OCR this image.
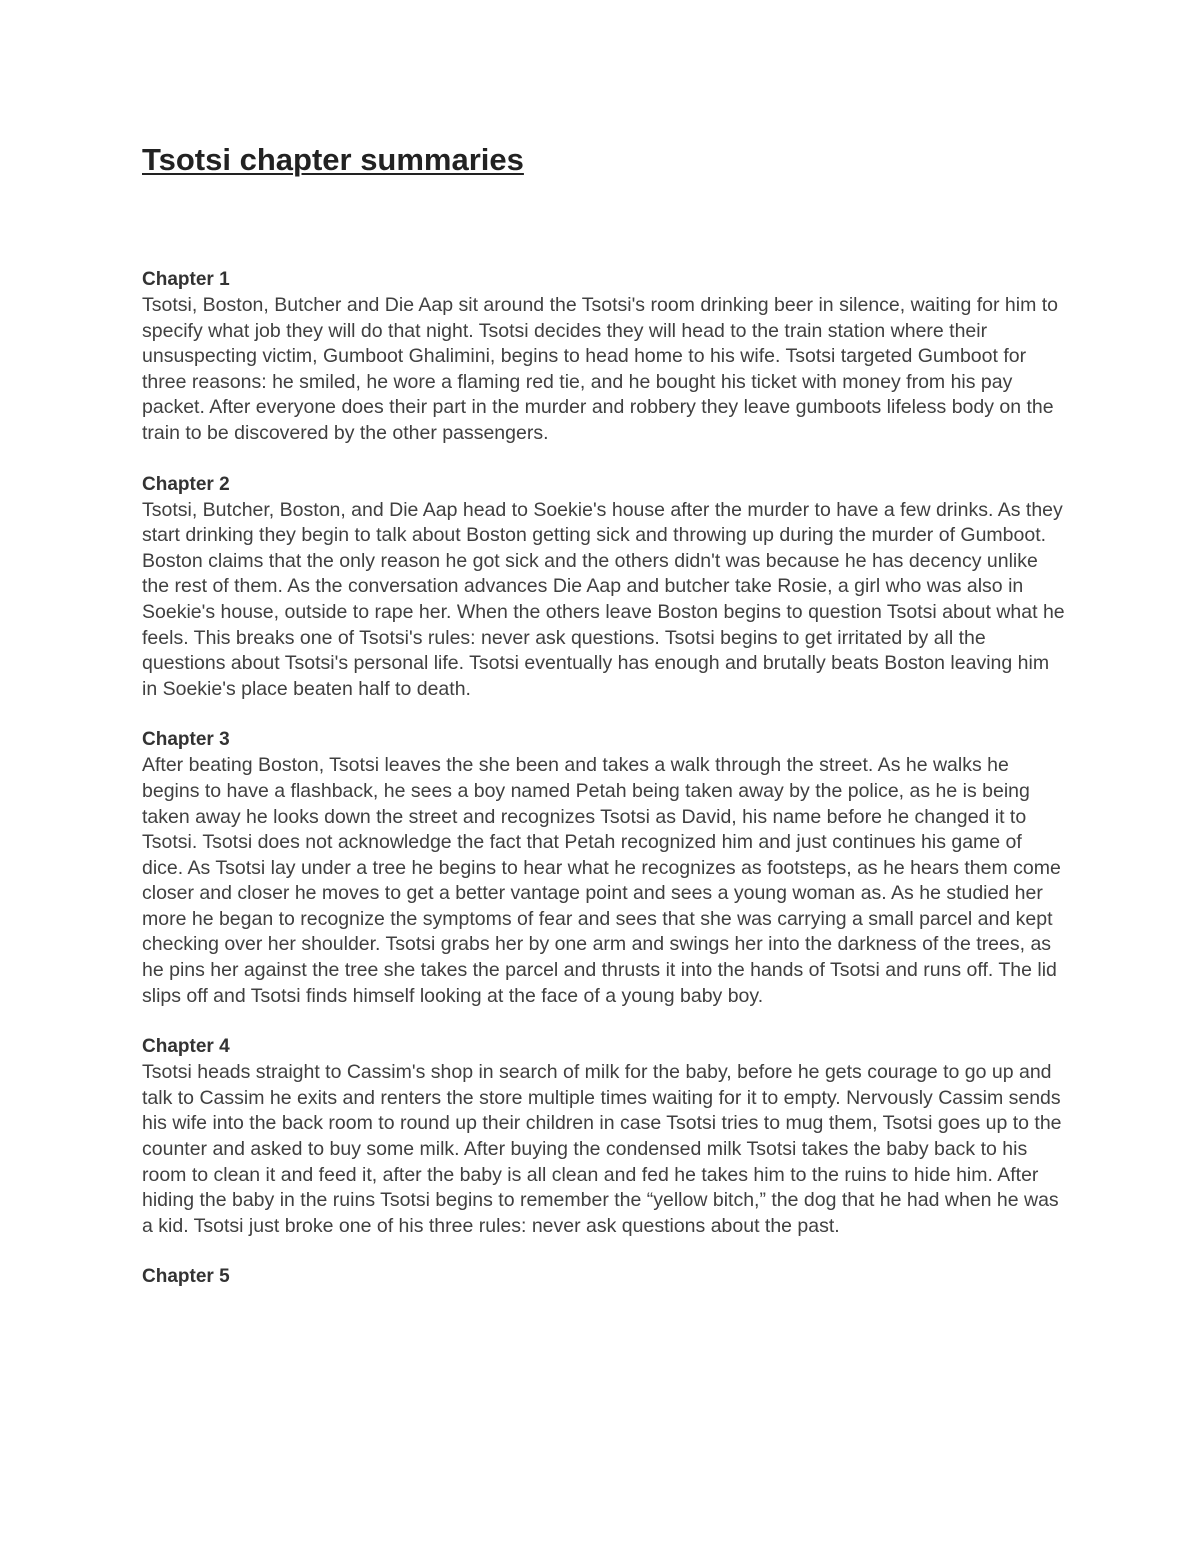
Tsotsi chapter summaries
Chapter 1

Tsotsi, Boston, Butcher and Die Aap sit around the Tsotsi's room drinking beer in silence, waiting for him to specify what job they will do that night. Tsotsi decides they will head to the train station where their unsuspecting victim, Gumboot Ghalimini, begins to head home to his wife. Tsotsi targeted Gumboot for three reasons: he smiled, he wore a flaming red tie, and he bought his ticket with money from his pay packet. After everyone does their part in the murder and robbery they leave gumboots lifeless body on the train to be discovered by the other passengers.

Chapter 2

Tsotsi, Butcher, Boston, and Die Aap head to Soekie's house after the murder to have a few drinks. As they start drinking they begin to talk about Boston getting sick and throwing up during the murder of Gumboot. Boston claims that the only reason he got sick and the others didn't was because he has decency unlike the rest of them. As the conversation advances Die Aap and butcher take Rosie, a girl who was also in Soekie's house, outside to rape her. When the others leave Boston begins to question Tsotsi about what he feels. This breaks one of Tsotsi's rules: never ask questions. Tsotsi begins to get irritated by all the questions about Tsotsi's personal life. Tsotsi eventually has enough and brutally beats Boston leaving him in Soekie's place beaten half to death.

Chapter 3

After beating Boston, Tsotsi leaves the she been and takes a walk through the street. As he walks he begins to have a flashback, he sees a boy named Petah being taken away by the police, as he is being taken away he looks down the street and recognizes Tsotsi as David, his name before he changed it to Tsotsi. Tsotsi does not acknowledge the fact that Petah recognized him and just continues his game of dice. As Tsotsi lay under a tree he begins to hear what he recognizes as footsteps, as he hears them come closer and closer he moves to get a better vantage point and sees a young woman as. As he studied her more he began to recognize the symptoms of fear and sees that she was carrying a small parcel and kept checking over her shoulder. Tsotsi grabs her by one arm and swings her into the darkness of the trees, as he pins her against the tree she takes the parcel and thrusts it into the hands of Tsotsi and runs off. The lid slips off and Tsotsi finds himself looking at the face of a young baby boy.

Chapter 4

Tsotsi heads straight to Cassim's shop in search of milk for the baby, before he gets courage to go up and talk to Cassim he exits and renters the store multiple times waiting for it to empty. Nervously Cassim sends his wife into the back room to round up their children in case Tsotsi tries to mug them, Tsotsi goes up to the counter and asked to buy some milk. After buying the condensed milk Tsotsi takes the baby back to his room to clean it and feed it, after the baby is all clean and fed he takes him to the ruins to hide him. After hiding the baby in the ruins Tsotsi begins to remember the “yellow bitch,” the dog that he had when he was a kid. Tsotsi just broke one of his three rules: never ask questions about the past.

Chapter 5
